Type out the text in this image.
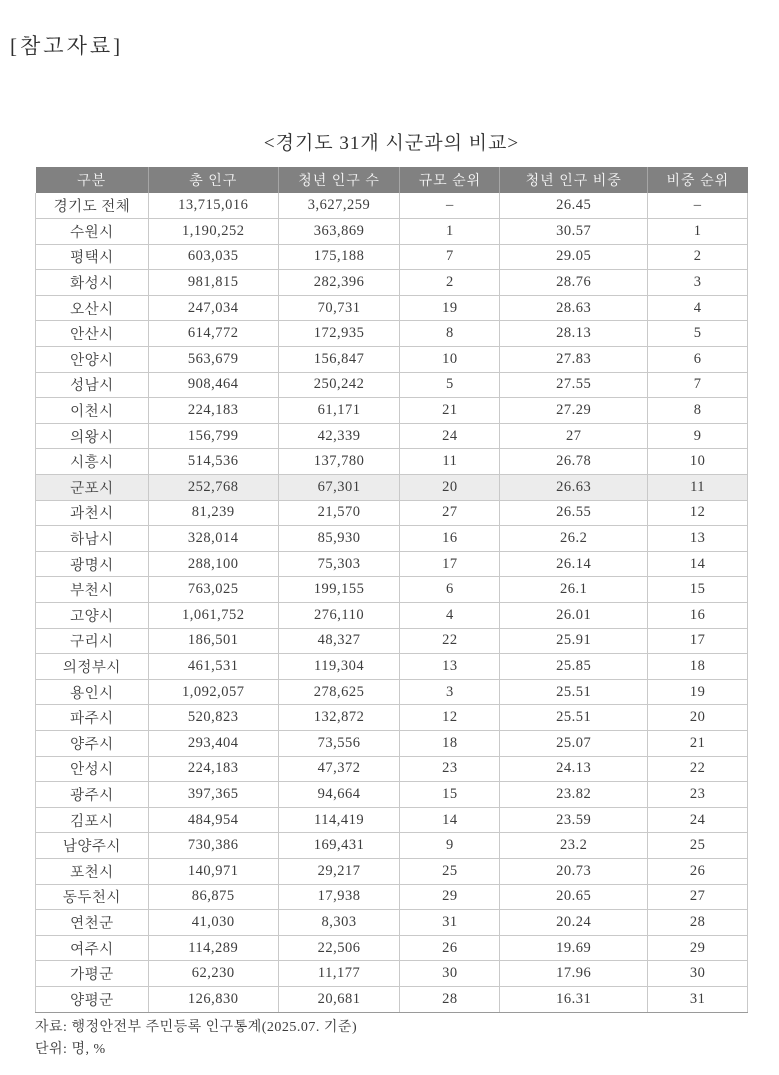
[참고자료]
<경기도 31개 시군과의 비교>
구분	총 인구	청년 인구 수	규모 순위	청년 인구 비중	비중 순위
경기도 전체	13,715,016	3,627,259	–	26.45	–
수원시	1,190,252	363,869	1	30.57	1
평택시	603,035	175,188	7	29.05	2
화성시	981,815	282,396	2	28.76	3
오산시	247,034	70,731	19	28.63	4
안산시	614,772	172,935	8	28.13	5
안양시	563,679	156,847	10	27.83	6
성남시	908,464	250,242	5	27.55	7
이천시	224,183	61,171	21	27.29	8
의왕시	156,799	42,339	24	27	9
시흥시	514,536	137,780	11	26.78	10
군포시	252,768	67,301	20	26.63	11
과천시	81,239	21,570	27	26.55	12
하남시	328,014	85,930	16	26.2	13
광명시	288,100	75,303	17	26.14	14
부천시	763,025	199,155	6	26.1	15
고양시	1,061,752	276,110	4	26.01	16
구리시	186,501	48,327	22	25.91	17
의정부시	461,531	119,304	13	25.85	18
용인시	1,092,057	278,625	3	25.51	19
파주시	520,823	132,872	12	25.51	20
양주시	293,404	73,556	18	25.07	21
안성시	224,183	47,372	23	24.13	22
광주시	397,365	94,664	15	23.82	23
김포시	484,954	114,419	14	23.59	24
남양주시	730,386	169,431	9	23.2	25
포천시	140,971	29,217	25	20.73	26
동두천시	86,875	17,938	29	20.65	27
연천군	41,030	8,303	31	20.24	28
여주시	114,289	22,506	26	19.69	29
가평군	62,230	11,177	30	17.96	30
양평군	126,830	20,681	28	16.31	31
자료: 행정안전부 주민등록 인구통계(2025.07. 기준)
단위: 명, %
